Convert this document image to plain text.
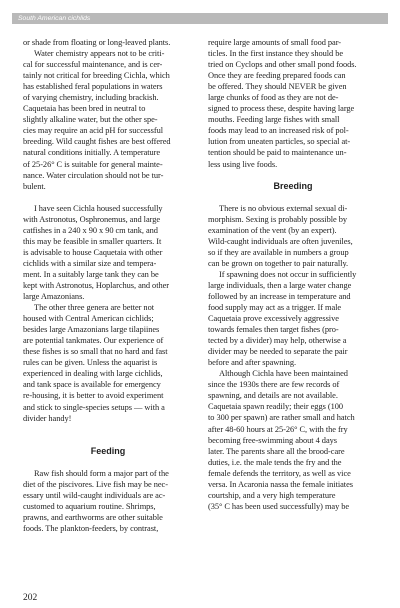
South American cichlids

or shade from floating or long-leaved plants.

Water chemistry appears not to be criti-
cal for successful maintenance, and is cer-
tainly not critical for breeding Cichla, which
has established feral populations in waters
of varying chemistry, including brackish.
Caquetaia has been bred in neutral to
slightly alkaline water, but the other spe-
cies may require an acid pH for successful
breeding. Wild caught fishes are best offered
natural conditions initially. A temperature
of 25-26° C is suitable for general mainte-
nance. Water circulation should not be tur-
bulent.

I have seen Cichla housed successfully
with Astronotus, Osphronemus, and large
catfishes in a 240 x 90 x 90 cm tank, and
this may be feasible in smaller quarters. It
is advisable to house Caquetaia with other
cichlids with a similar size and tempera-
ment. In a suitably large tank they can be
kept with Astronotus, Hoplarchus, and other
large Amazonians.

The other three genera are better not
housed with Central American cichlids;
besides large Amazonians large tilapiines
are potential tankmates. Our experience of
these fishes is so small that no hard and fast
rules can be given. Unless the aquarist is
experienced in dealing with large cichlids,
and tank space is available for emergency
re-housing, it is better to avoid experiment
and stick to single-species setups — with a
divider handy!

Feeding

Raw fish should form a major part of the
diet of the piscivores. Live fish may be nec-
essary until wild-caught individuals are ac-
customed to aquarium routine. Shrimps,
prawns, and earthworms are other suitable
foods. The plankton-feeders, by contrast,

require large amounts of small food par-
ticles. In the first instance they should be
tried on Cyclops and other small pond foods.
Once they are feeding prepared foods can
be offered. They should NEVER be given
large chunks of food as they are not de-
signed to process these, despite having large
mouths. Feeding large fishes with small
foods may lead to an increased risk of pol-
lution from uneaten particles, so special at-
tention should be paid to maintenance un-
less using live foods.

Breeding

There is no obvious external sexual di-
morphism. Sexing is probably possible by
examination of the vent (by an expert).
Wild-caught individuals are often juveniles,
so if they are available in numbers a group
can be grown on together to pair naturally.

If spawning does not occur in sufficiently
large individuals, then a large water change
followed by an increase in temperature and
food supply may act as a trigger. If male
Caquetaia prove excessively aggressive
towards females then target fishes (pro-
tected by a divider) may help, otherwise a
divider may be needed to separate the pair
before and after spawning.

Although Cichla have been maintained
since the 1930s there are few records of
spawning, and details are not available.
Caquetaia spawn readily; their eggs (100
to 300 per spawn) are rather small and hatch
after 48-60 hours at 25-26° C, with the fry
becoming free-swimming about 4 days
later. The parents share all the brood-care
duties, i.e. the male tends the fry and the
female defends the territory, as well as vice
versa. In Acaronia nassa the female initiates
courtship, and a very high temperature
(35° C has been used successfully) may be

202
